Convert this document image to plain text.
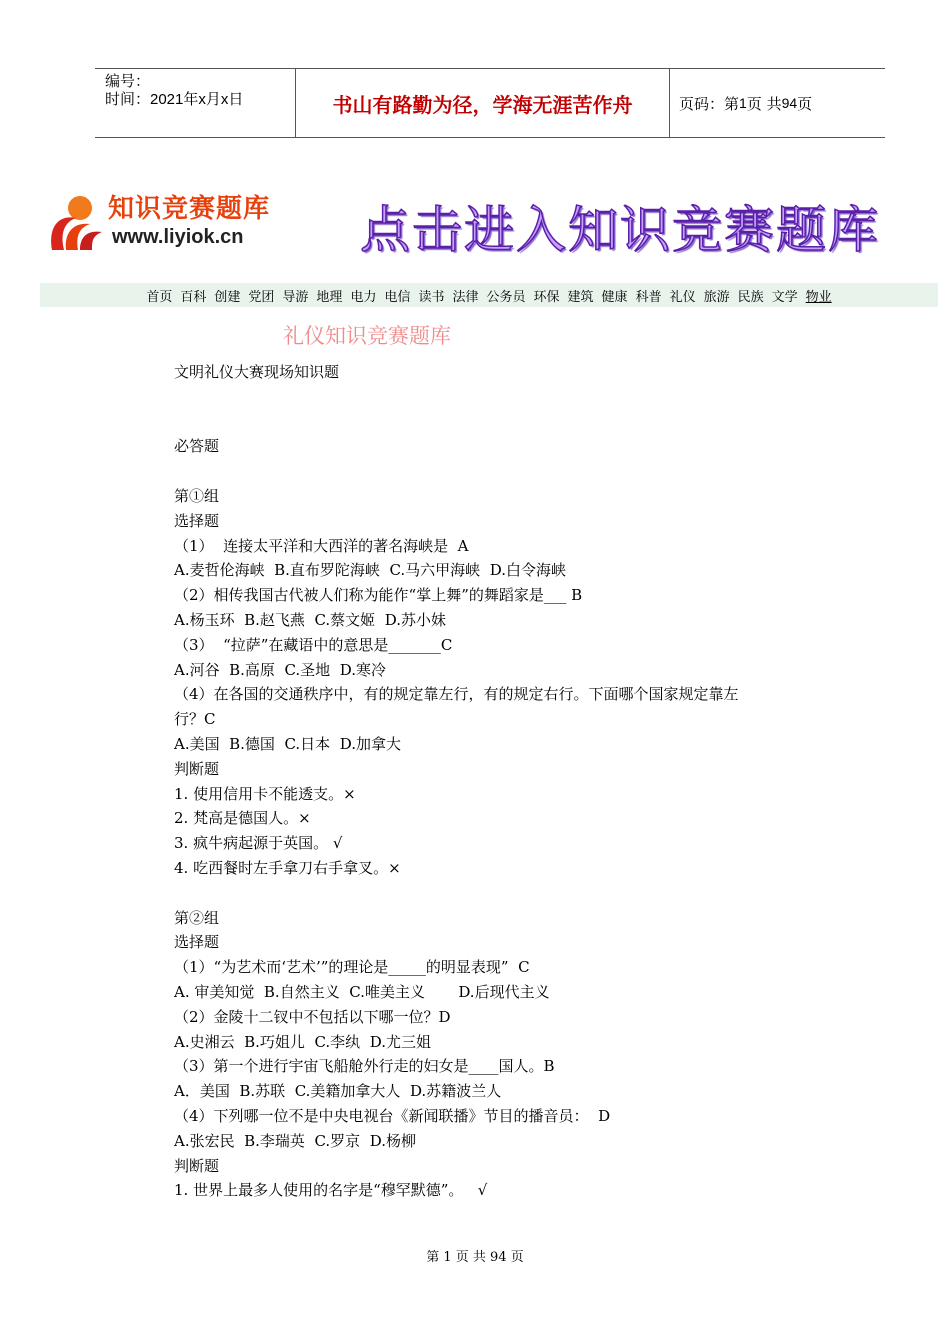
编号：
时间：2021年x月x日	书山有路勤为径，学海无涯苦作舟	页码：第 1 页 共 94 页
知识竞赛题库
www.liyiok.cn 点击进入知识竞赛题库
首页 百科 创建 党团 导游 地理 电力 电信 读书 法律 公务员 环保 建筑 健康 科普 礼仪 旅游 民族 文学 物业
礼仪知识竞赛题库
文明礼仪大赛现场知识题
必答题
第①组
选择题
（1）  连接太平洋和大西洋的著名海峡是  A
A.麦哲伦海峡  B.直布罗陀海峡  C.马六甲海峡  D.白令海峡
（2）相传我国古代被人们称为能作“掌上舞”的舞蹈家是___ B
A.杨玉环  B.赵飞燕  C.蔡文姬  D.苏小妹
（3）  “拉萨”在藏语中的意思是_______C
A.河谷  B.高原  C.圣地  D.寒冷
（4）在各国的交通秩序中，有的规定靠左行，有的规定右行。下面哪个国家规定靠左
行？C
A.美国  B.德国  C.日本  D.加拿大
判断题
1. 使用信用卡不能透支。×
2. 梵高是德国人。×
3. 疯牛病起源于英国。 √
4. 吃西餐时左手拿刀右手拿叉。×
第②组
选择题
（1）“为艺术而‘艺术’”的理论是_____的明显表现”  C
A. 审美知觉  B.自然主义  C.唯美主义       D.后现代主义
（2）金陵十二钗中不包括以下哪一位？D
A.史湘云  B.巧姐儿  C.李纨  D.尤三姐
（3）第一个进行宇宙飞船舱外行走的妇女是____国人。B
A．美国  B.苏联  C.美籍加拿大人  D.苏籍波兰人
（4）下列哪一位不是中央电视台《新闻联播》节目的播音员：  D
A.张宏民  B.李瑞英  C.罗京  D.杨柳
判断题
1. 世界上最多人使用的名字是“穆罕默德”。   √
第 1 页 共 94 页
